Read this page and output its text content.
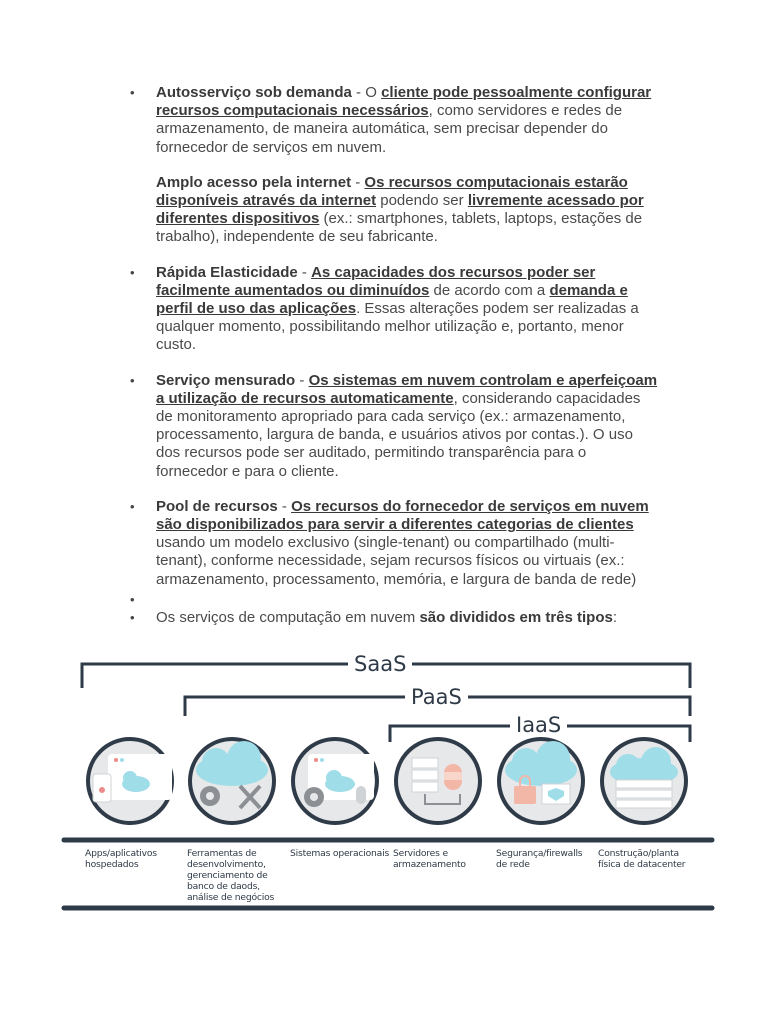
• Autosserviço sob demanda - O cliente pode pessoalmente configurar recursos computacionais necessários, como servidores e redes de armazenamento, de maneira automática, sem precisar depender do fornecedor de serviços em nuvem.
Amplo acesso pela internet - Os recursos computacionais estarão disponíveis através da internet podendo ser livremente acessado por diferentes dispositivos (ex.: smartphones, tablets, laptops, estações de trabalho), independente de seu fabricante.
• Rápida Elasticidade - As capacidades dos recursos poder ser facilmente aumentados ou diminuídos de acordo com a demanda e perfil de uso das aplicações. Essas alterações podem ser realizadas a qualquer momento, possibilitando melhor utilização e, portanto, menor custo.
• Serviço mensurado - Os sistemas em nuvem controlam e aperfeiçoam a utilização de recursos automaticamente, considerando capacidades de monitoramento apropriado para cada serviço (ex.: armazenamento, processamento, largura de banda, e usuários ativos por contas.). O uso dos recursos pode ser auditado, permitindo transparência para o fornecedor e para o cliente.
• Pool de recursos - Os recursos do fornecedor de serviços em nuvem são disponibilizados para servir a diferentes categorias de clientes usando um modelo exclusivo (single-tenant) ou compartilhado (multi-tenant), conforme necessidade, sejam recursos físicos ou virtuais (ex.: armazenamento, processamento, memória, e largura de banda de rede)
•
• Os serviços de computação em nuvem são divididos em três tipos:
SaaS
PaaS
IaaS
Apps/aplicativos hospedados
Ferramentas de desenvolvimento, gerenciamento de banco de daods, análise de negócios
Sistemas operacionais Servidores e armazenamento
Segurança/firewalls de rede
Construção/planta física de datacenter
